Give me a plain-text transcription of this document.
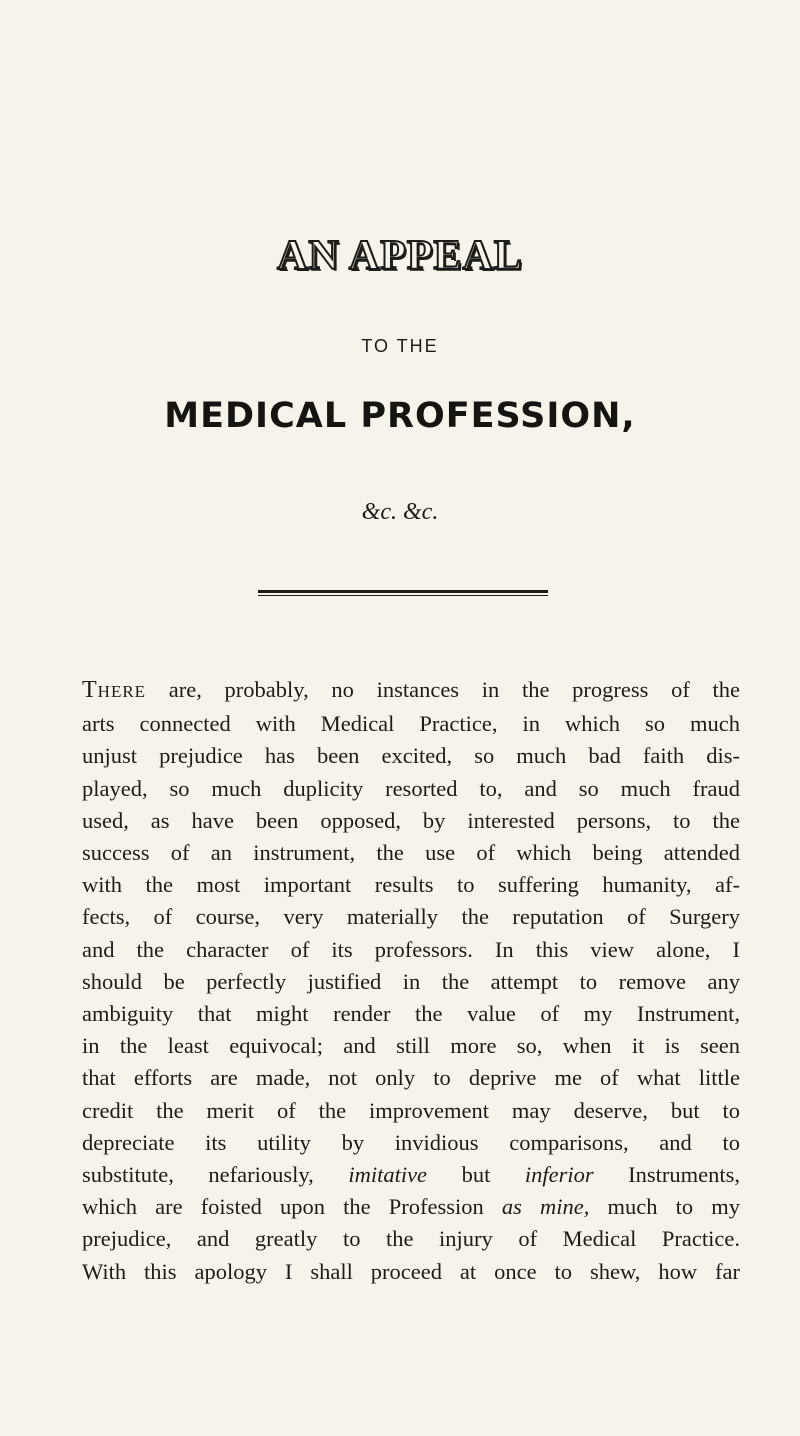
AN APPEAL
TO THE
MEDICAL PROFESSION,
&c. &c.
THERE are, probably, no instances in the progress of the
arts connected with Medical Practice, in which so much
unjust prejudice has been excited, so much bad faith dis-
played, so much duplicity resorted to, and so much fraud
used, as have been opposed, by interested persons, to the
success of an instrument, the use of which being attended
with the most important results to suffering humanity, af-
fects, of course, very materially the reputation of Surgery
and the character of its professors. In this view alone, I
should be perfectly justified in the attempt to remove any
ambiguity that might render the value of my Instrument,
in the least equivocal; and still more so, when it is seen
that efforts are made, not only to deprive me of what little
credit the merit of the improvement may deserve, but to
depreciate its utility by invidious comparisons, and to
substitute, nefariously, imitative but inferior Instruments,
which are foisted upon the Profession as mine, much to my
prejudice, and greatly to the injury of Medical Practice.
With this apology I shall proceed at once to shew, how far
